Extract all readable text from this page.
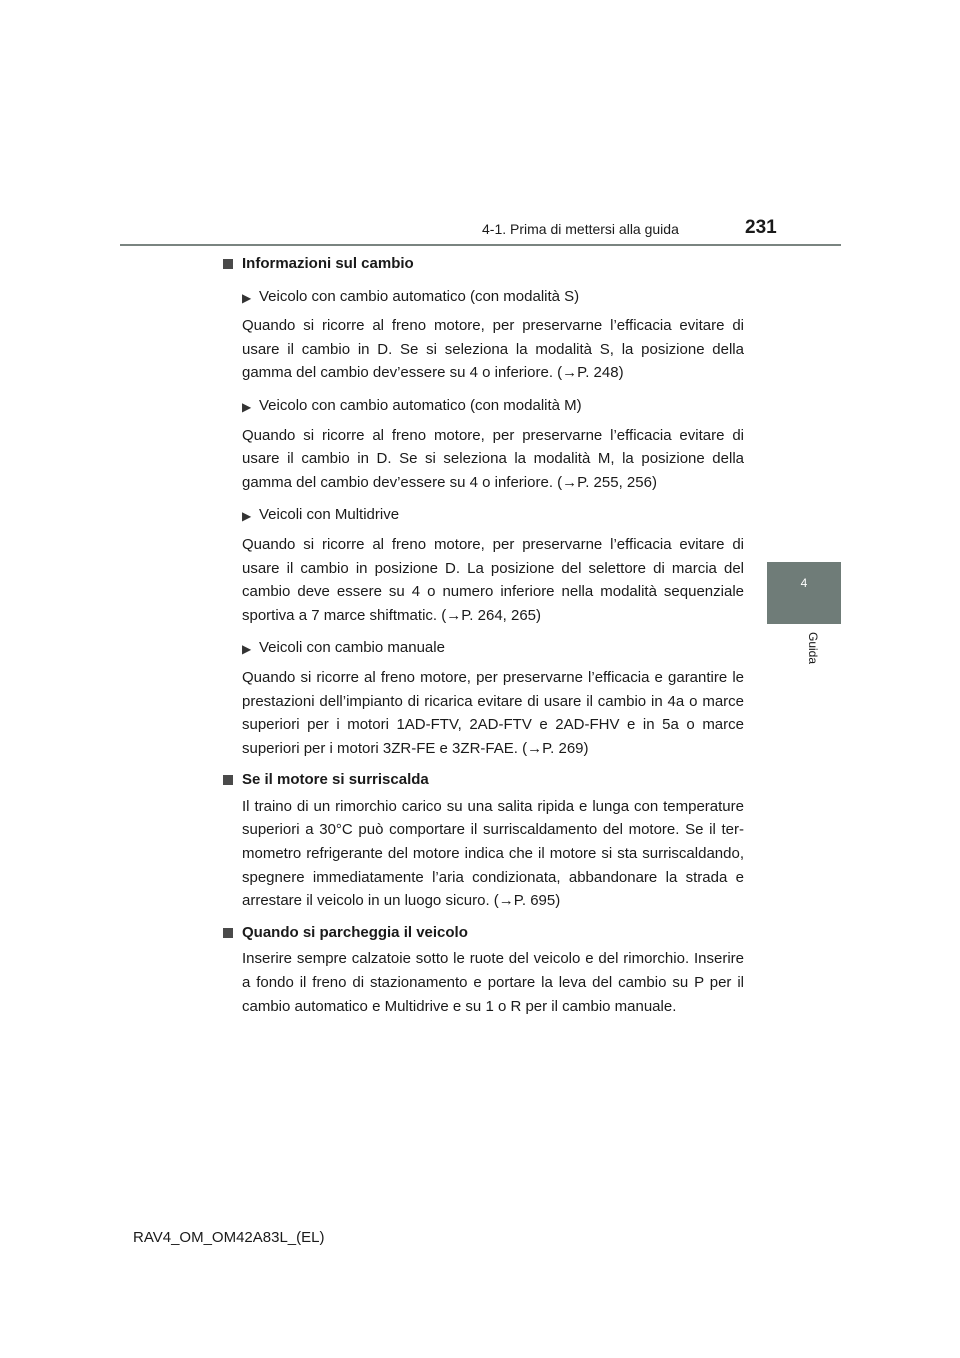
4-1. Prima di mettersi alla guida	231
4
Guida
Informazioni sul cambio
▶ Veicolo con cambio automatico (con modalità S)
Quando si ricorre al freno motore, per preservarne l’efficacia evitare di usare il cambio in D. Se si seleziona la modalità S, la posizione della gamma del cambio dev’essere su 4 o inferiore. (→P. 248)
▶ Veicolo con cambio automatico (con modalità M)
Quando si ricorre al freno motore, per preservarne l’efficacia evitare di usare il cambio in D. Se si seleziona la modalità M, la posizione della gamma del cambio dev’essere su 4 o inferiore. (→P. 255, 256)
▶ Veicoli con Multidrive
Quando si ricorre al freno motore, per preservarne l’efficacia evitare di usare il cambio in posizione D. La posizione del selettore di marcia del cambio deve essere su 4 o numero inferiore nella modalità sequenziale sportiva a 7 marce shiftmatic. (→P. 264, 265)
▶ Veicoli con cambio manuale
Quando si ricorre al freno motore, per preservarne l’efficacia e garantire le prestazioni dell’impianto di ricarica evitare di usare il cambio in 4a o marce superiori per i motori 1AD-FTV, 2AD-FTV e 2AD-FHV e in 5a o marce superiori per i motori 3ZR-FE e 3ZR-FAE. (→P. 269)
Se il motore si surriscalda
Il traino di un rimorchio carico su una salita ripida e lunga con temperature superiori a 30°C può comportare il surriscaldamento del motore. Se il ter- mometro refrigerante del motore indica che il motore si sta surriscaldando, spegnere immediatamente l’aria condizionata, abbandonare la strada e arrestare il veicolo in un luogo sicuro. (→P. 695)
Quando si parcheggia il veicolo
Inserire sempre calzatoie sotto le ruote del veicolo e del rimorchio. Inserire a fondo il freno di stazionamento e portare la leva del cambio su P per il cambio automatico e Multidrive e su 1 o R per il cambio manuale.
RAV4_OM_OM42A83L_(EL)
